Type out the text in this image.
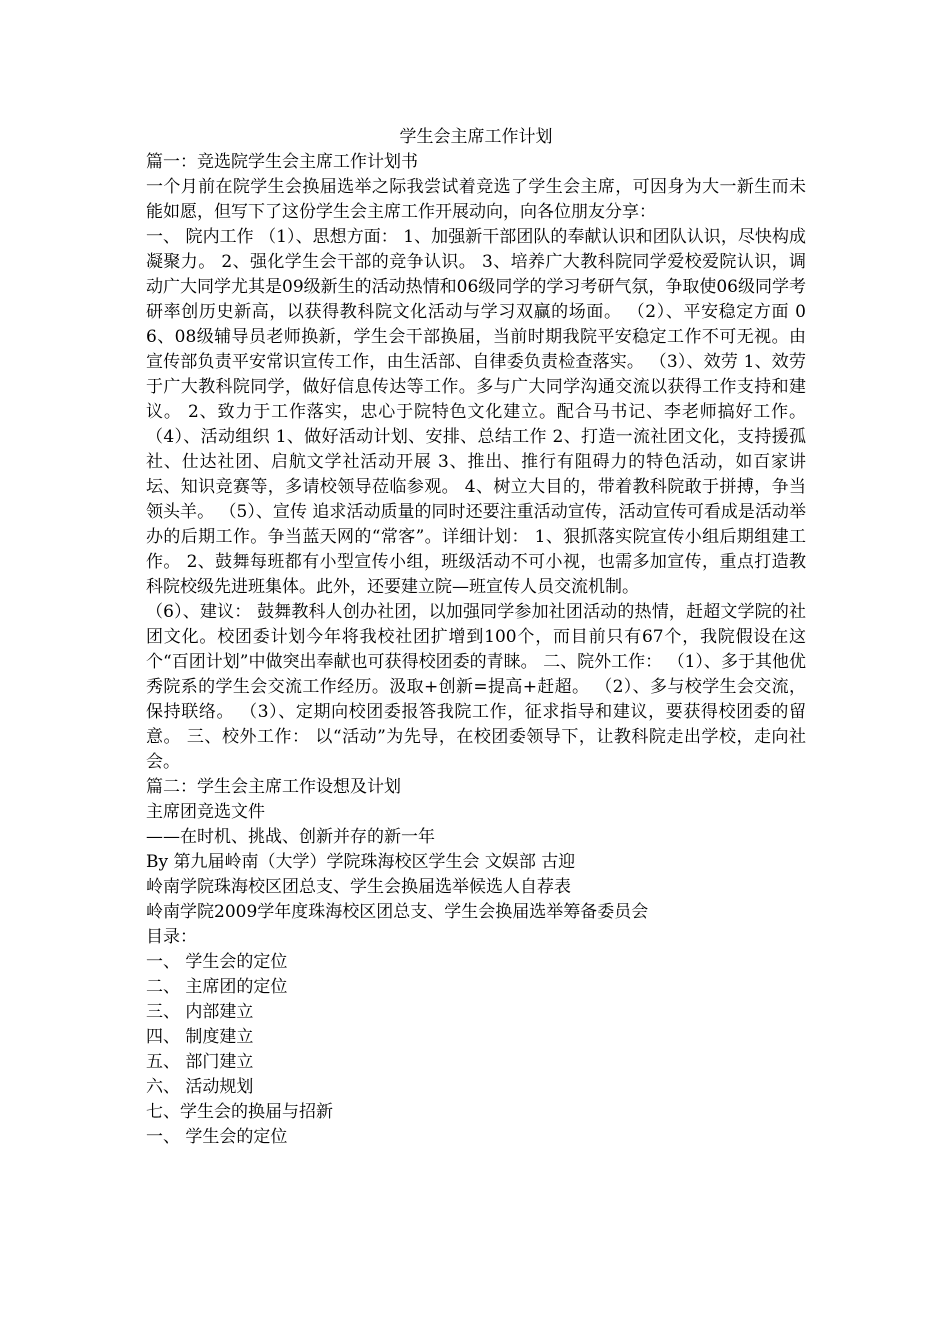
学生会主席工作计划

篇一：竞选院学生会主席工作计划书

一个月前在院学生会换届选举之际我尝试着竞选了学生会主席，可因身为大一新生而未能如愿，但写下了这份学生会主席工作开展动向，向各位朋友分享：

一、 院内工作 （1）、思想方面： 1、加强新干部团队的奉献认识和团队认识，尽快构成凝聚力。 2、强化学生会干部的竞争认识。 3、培养广大教科院同学爱校爱院认识，调动广大同学尤其是09级新生的活动热情和06级同学的学习考研气氛，争取使06级同学考研率创历史新高，以获得教科院文化活动与学习双赢的场面。 （2）、平安稳定方面 06、08级辅导员老师换新，学生会干部换届，当前时期我院平安稳定工作不可无视。由宣传部负责平安常识宣传工作，由生活部、自律委负责检查落实。 （3）、效劳 1、效劳于广大教科院同学，做好信息传达等工作。多与广大同学沟通交流以获得工作支持和建议。 2、致力于工作落实，忠心于院特色文化建立。配合马书记、李老师搞好工作。 （4）、活动组织 1、做好活动计划、安排、总结工作 2、打造一流社团文化，支持援孤社、仕达社团、启航文学社活动开展 3、推出、推行有阻碍力的特色活动，如百家讲坛、知识竞赛等，多请校领导莅临参观。 4、树立大目的，带着教科院敢于拼搏，争当领头羊。 （5）、宣传 追求活动质量的同时还要注重活动宣传，活动宣传可看成是活动举办的后期工作。争当蓝天网的“常客”。详细计划： 1、狠抓落实院宣传小组后期组建工作。 2、鼓舞每班都有小型宣传小组，班级活动不可小视，也需多加宣传，重点打造教科院校级先进班集体。此外，还要建立院—班宣传人员交流机制。

（6）、建议： 鼓舞教科人创办社团，以加强同学参加社团活动的热情，赶超文学院的社团文化。校团委计划今年将我校社团扩增到100个，而目前只有67个，我院假设在这个“百团计划”中做突出奉献也可获得校团委的青睐。 二、院外工作： （1）、多于其他优秀院系的学生会交流工作经历。汲取+创新=提高+赶超。 （2）、多与校学生会交流，保持联络。 （3）、定期向校团委报答我院工作，征求指导和建议，要获得校团委的留意。 三、校外工作： 以“活动”为先导，在校团委领导下，让教科院走出学校，走向社会。

篇二：学生会主席工作设想及计划

主席团竞选文件

——在时机、挑战、创新并存的新一年

By 第九届岭南（大学）学院珠海校区学生会 文娱部 古迎

岭南学院珠海校区团总支、学生会换届选举候选人自荐表

岭南学院2009学年度珠海校区团总支、学生会换届选举筹备委员会

目录：

一、 学生会的定位

二、 主席团的定位

三、 内部建立

四、 制度建立

五、 部门建立

六、 活动规划

七、学生会的换届与招新

一、 学生会的定位
